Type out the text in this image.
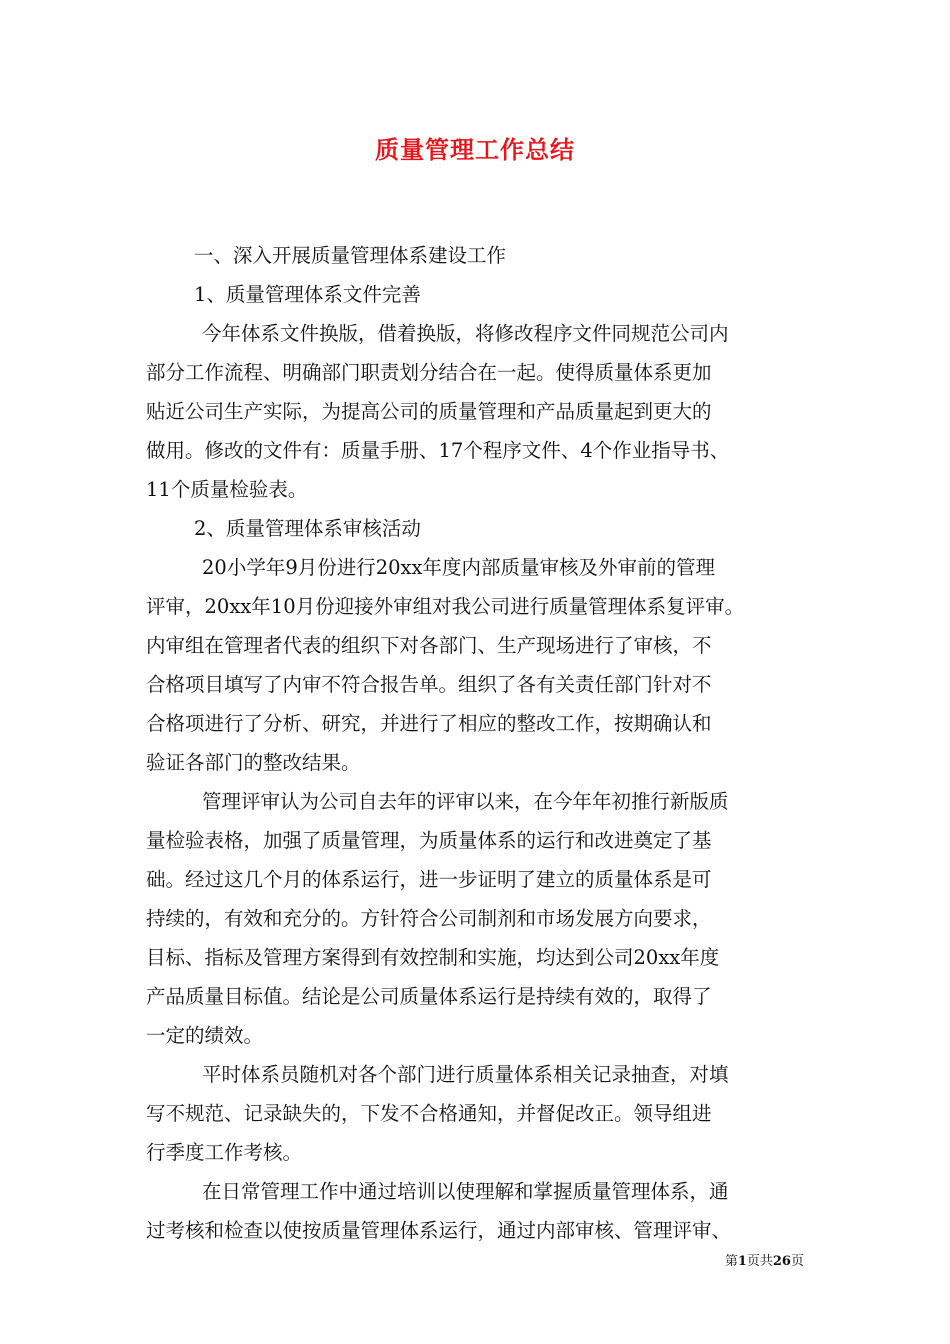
质量管理工作总结
一、深入开展质量管理体系建设工作
1、质量管理体系文件完善
今年体系文件换版，借着换版，将修改程序文件同规范公司内
部分工作流程、明确部门职责划分结合在一起。使得质量体系更加
贴近公司生产实际，为提高公司的质量管理和产品质量起到更大的
做用。修改的文件有：质量手册、17个程序文件、4个作业指导书、
11个质量检验表。
2、质量管理体系审核活动
20小学年9月份进行20xx年度内部质量审核及外审前的管理
评审，20xx年10月份迎接外审组对我公司进行质量管理体系复评审。
内审组在管理者代表的组织下对各部门、生产现场进行了审核，不
合格项目填写了内审不符合报告单。组织了各有关责任部门针对不
合格项进行了分析、研究，并进行了相应的整改工作，按期确认和
验证各部门的整改结果。
管理评审认为公司自去年的评审以来，在今年年初推行新版质
量检验表格，加强了质量管理，为质量体系的运行和改进奠定了基
础。经过这几个月的体系运行，进一步证明了建立的质量体系是可
持续的，有效和充分的。方针符合公司制剂和市场发展方向要求，
目标、指标及管理方案得到有效控制和实施，均达到公司20xx年度
产品质量目标值。结论是公司质量体系运行是持续有效的，取得了
一定的绩效。
平时体系员随机对各个部门进行质量体系相关记录抽查，对填
写不规范、记录缺失的，下发不合格通知，并督促改正。领导组进
行季度工作考核。
在日常管理工作中通过培训以使理解和掌握质量管理体系，通
过考核和检查以使按质量管理体系运行，通过内部审核、管理评审、
第1页共26页
